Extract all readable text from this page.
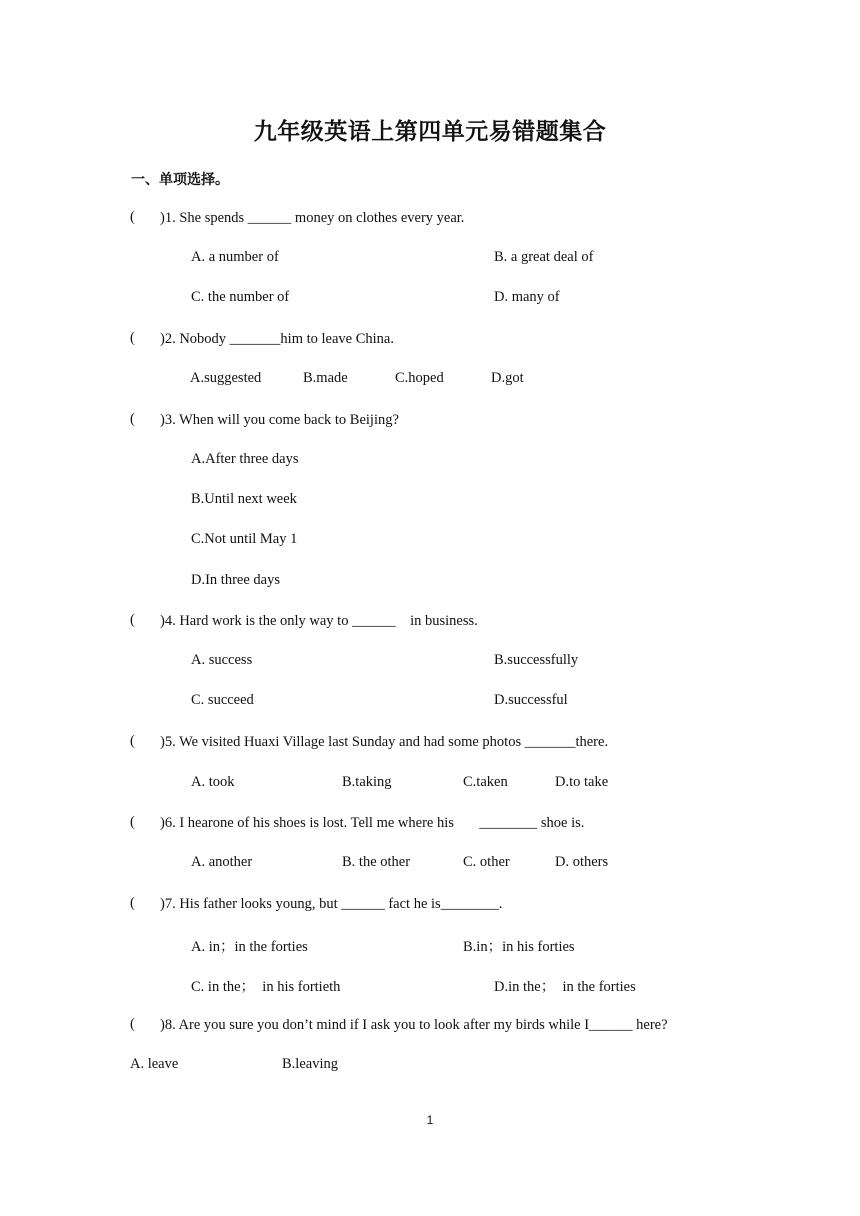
九年级英语上第四单元易错题集合
一、单项选择。
( )1. She spends ______ money on clothes every year.
A. a number of	B. a great deal of
C. the number of	D. many of
( )2. Nobody _______him to leave China.
A.suggested	B.made	C.hoped	D.got
( )3. When will you come back to Beijing?
A.After three days
B.Until next week
C.Not until May 1
D.In three days
( )4. Hard work is the only way to ______    in business.
A. success	B.successfully
C. succeed	D.successful
( )5. We visited Huaxi Village last Sunday and had some photos _______there.
A. took	B.taking	C.taken	D.to take
( )6. I hearone of his shoes is lost. Tell me where his       ________ shoe is.
A. another	B. the other	C. other	D. others
( )7. His father looks young, but ______ fact he is________.
A. in；in the forties	B.in；in his forties
C. in the；  in his fortieth	D.in the；  in the forties
( )8. Are you sure you don’t mind if I ask you to look after my birds while I______ here?
A. leave	B.leaving
1
